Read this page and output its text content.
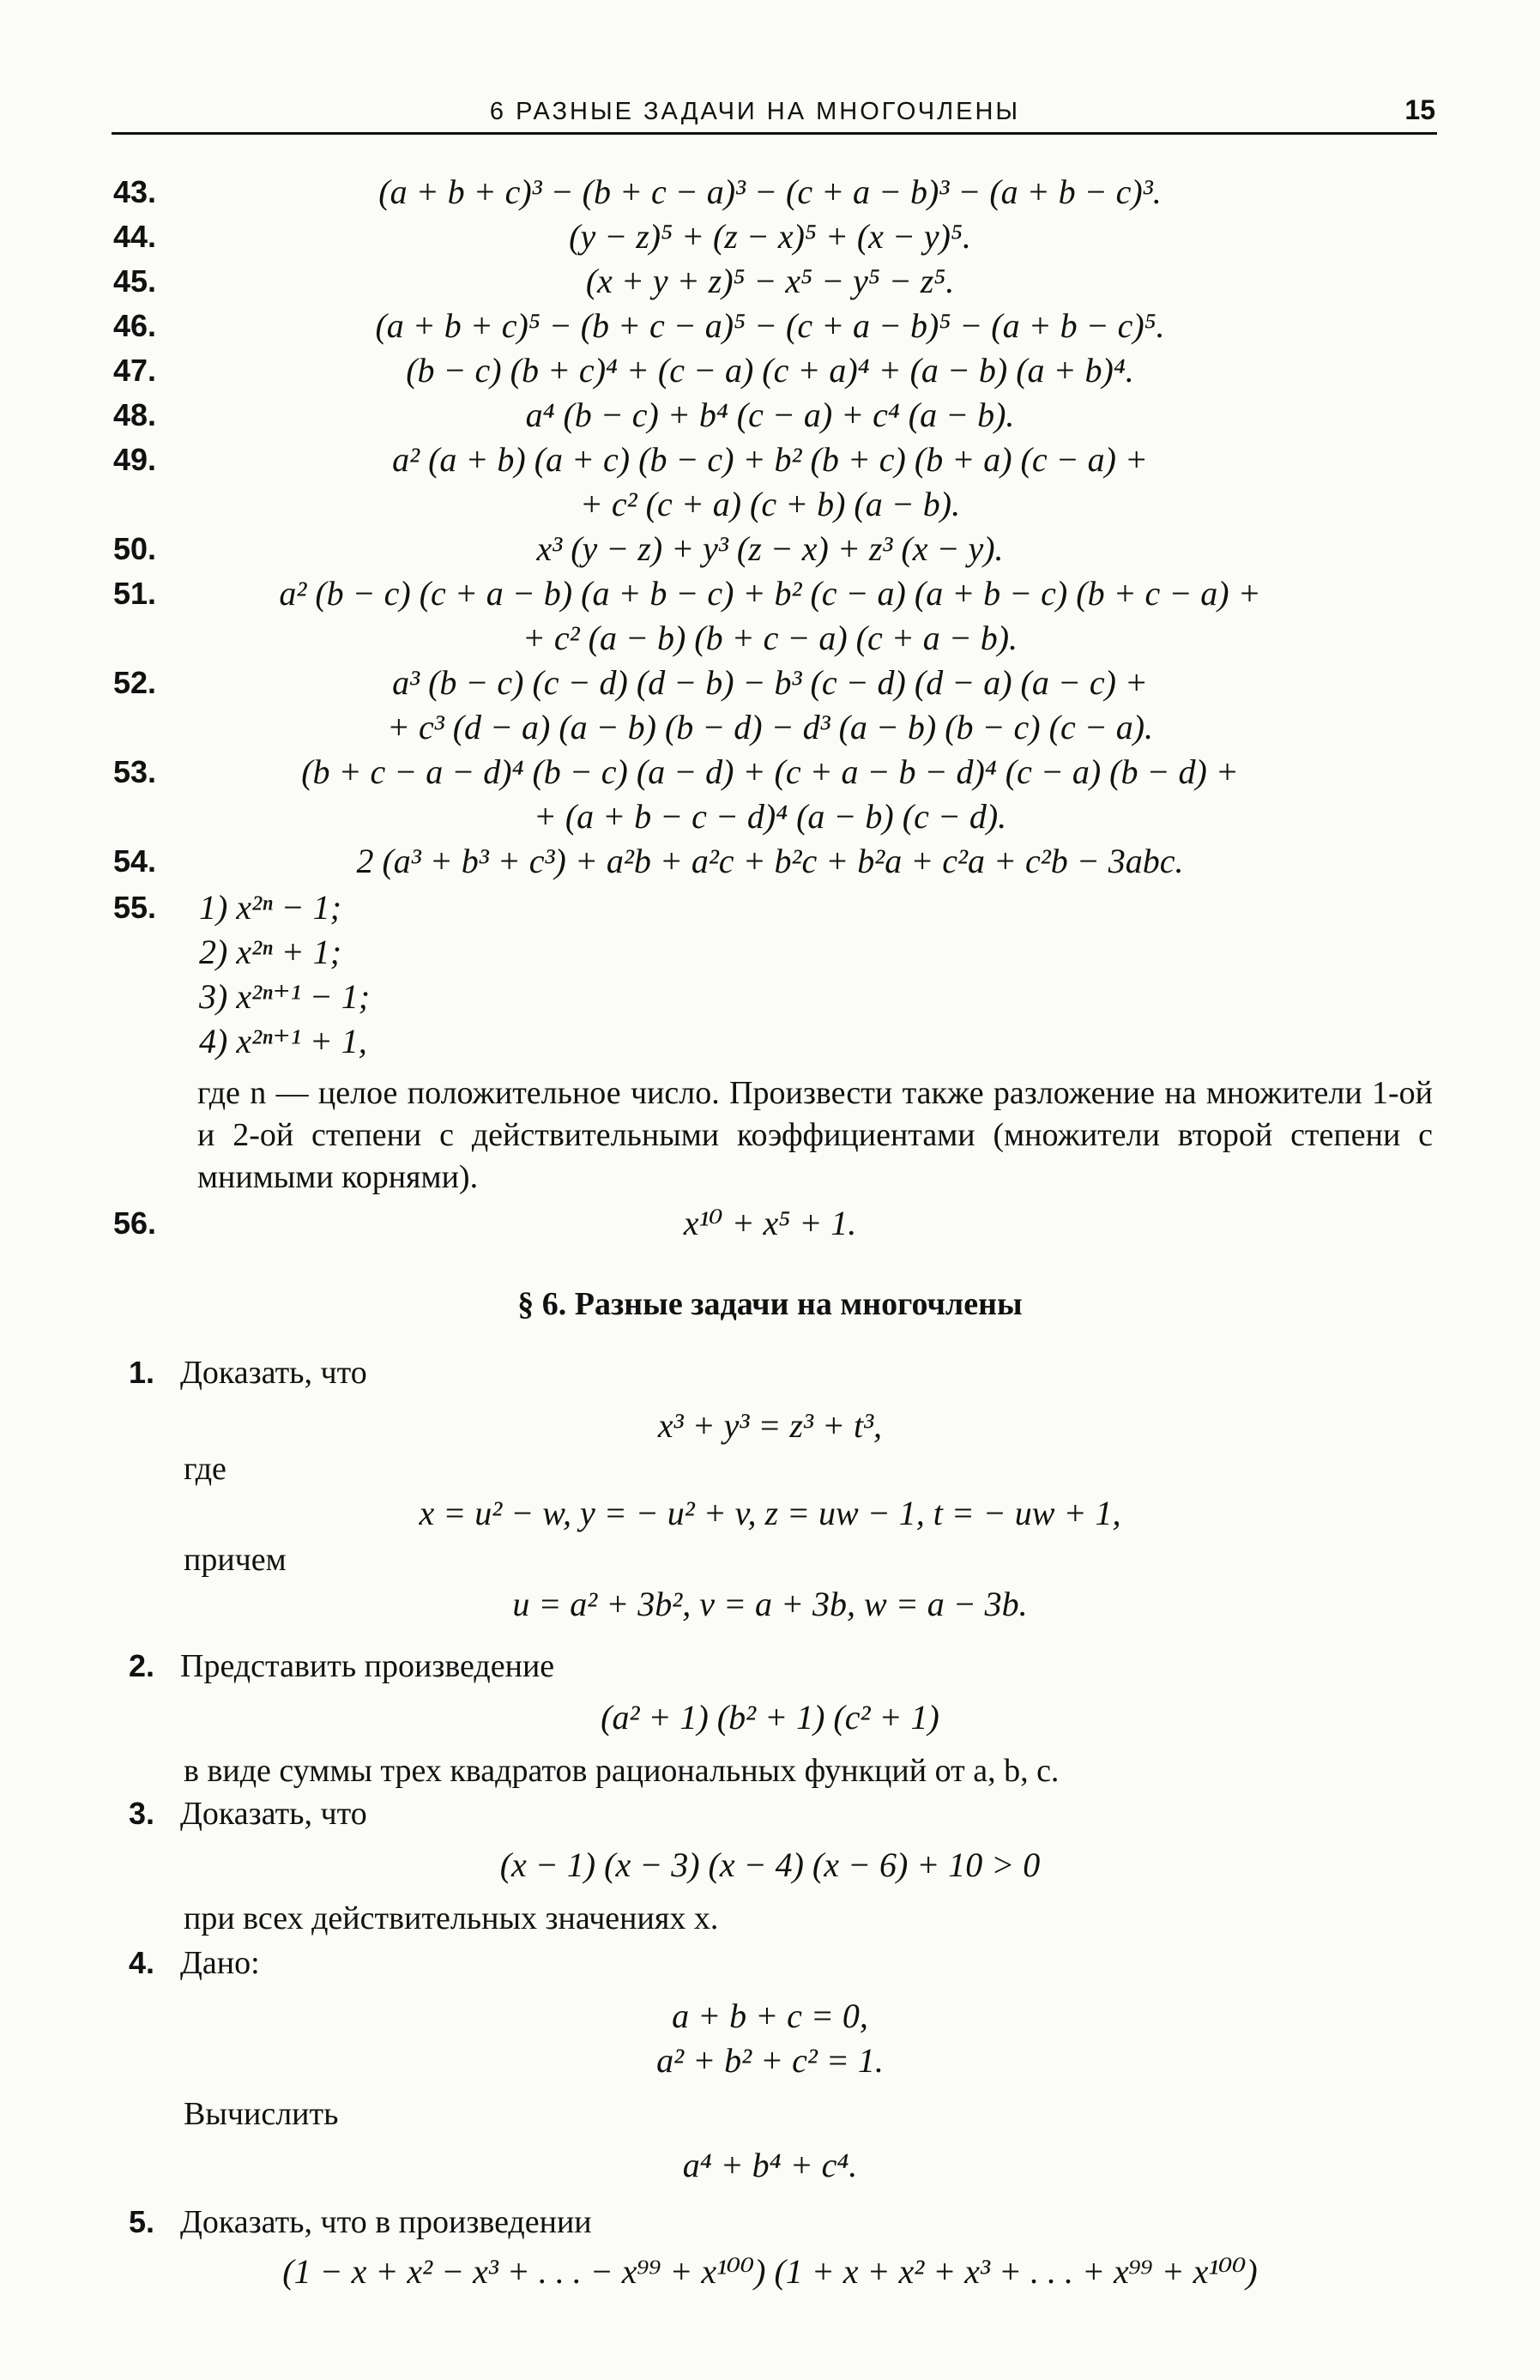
6 РАЗНЫЕ ЗАДАЧИ НА МНОГОЧЛЕНЫ	15
43.	(a + b + c)³ − (b + c − a)³ − (c + a − b)³ − (a + b − c)³.
44.	(y − z)⁵ + (z − x)⁵ + (x − y)⁵.
45.	(x + y + z)⁵ − x⁵ − y⁵ − z⁵.
46.	(a + b + c)⁵ − (b + c − a)⁵ − (c + a − b)⁵ − (a + b − c)⁵.
47.	(b − c) (b + c)⁴ + (c − a) (c + a)⁴ + (a − b) (a + b)⁴.
48.	a⁴ (b − c) + b⁴ (c − a) + c⁴ (a − b).
49.	a² (a + b) (a + c) (b − c) + b² (b + c) (b + a) (c − a) +
+ c² (c + a) (c + b) (a − b).
50.	x³ (y − z) + y³ (z − x) + z³ (x − y).
51.	a² (b − c) (c + a − b) (a + b − c) + b² (c − a) (a + b − c) (b + c − a) +
+ c² (a − b) (b + c − a) (c + a − b).
52.	a³ (b − c) (c − d) (d − b) − b³ (c − d) (d − a) (a − c) +
+ c³ (d − a) (a − b) (b − d) − d³ (a − b) (b − c) (c − a).
53.	(b + c − a − d)⁴ (b − c) (a − d) + (c + a − b − d)⁴ (c − a) (b − d) +
+ (a + b − c − d)⁴ (a − b) (c − d).
54.	2 (a³ + b³ + c³) + a²b + a²c + b²c + b²a + c²a + c²b − 3abc.
55. 1) x²ⁿ − 1;
2) x²ⁿ + 1;
3) x²ⁿ⁺¹ − 1;
4) x²ⁿ⁺¹ + 1,
где n — целое положительное число. Произвести также разложение на множители 1-ой и 2-ой степени с действительными коэффициентами (множители второй степени с мнимыми корнями).
56.	x¹⁰ + x⁵ + 1.
§ 6. Разные задачи на многочлены
1. Доказать, что
x³ + y³ = z³ + t³,
где
x = u² − w, y = − u² + v, z = uw − 1, t = − uw + 1,
причем
u = a² + 3b², v = a + 3b, w = a − 3b.
2. Представить произведение
(a² + 1) (b² + 1) (c² + 1)
в виде суммы трех квадратов рациональных функций от a, b, c.
3. Доказать, что
(x − 1) (x − 3) (x − 4) (x − 6) + 10 > 0
при всех действительных значениях x.
4. Дано:
a + b + c = 0,
a² + b² + c² = 1.
Вычислить
a⁴ + b⁴ + c⁴.
5. Доказать, что в произведении
(1 − x + x² − x³ + . . . − x⁹⁹ + x¹⁰⁰) (1 + x + x² + x³ + . . . + x⁹⁹ + x¹⁰⁰)
